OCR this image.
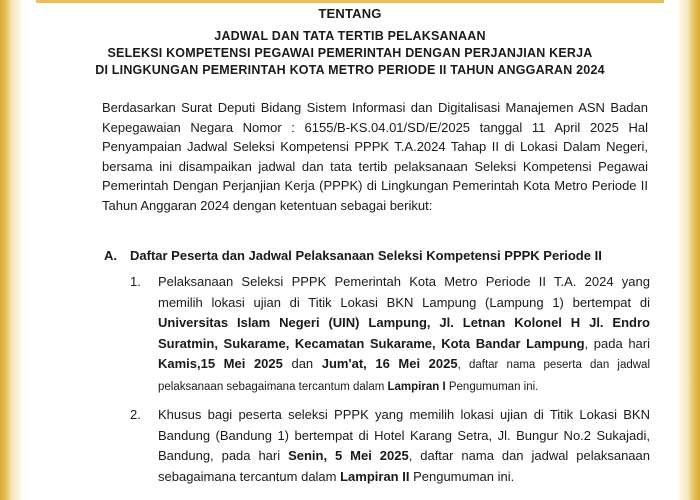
TENTANG

JADWAL DAN TATA TERTIB PELAKSANAAN
SELEKSI KOMPETENSI PEGAWAI PEMERINTAH DENGAN PERJANJIAN KERJA
DI LINGKUNGAN PEMERINTAH KOTA METRO PERIODE II TAHUN ANGGARAN 2024
Berdasarkan Surat Deputi Bidang Sistem Informasi dan Digitalisasi Manajemen ASN Badan Kepegawaian Negara Nomor : 6155/B-KS.04.01/SD/E/2025 tanggal 11 April 2025 Hal Penyampaian Jadwal Seleksi Kompetensi PPPK T.A.2024 Tahap II di Lokasi Dalam Negeri, bersama ini disampaikan jadwal dan tata tertib pelaksanaan Seleksi Kompetensi Pegawai Pemerintah Dengan Perjanjian Kerja (PPPK) di Lingkungan Pemerintah Kota Metro Periode II Tahun Anggaran 2024 dengan ketentuan sebagai berikut:
A. Daftar Peserta dan Jadwal Pelaksanaan Seleksi Kompetensi PPPK Periode II
1. Pelaksanaan Seleksi PPPK Pemerintah Kota Metro Periode II T.A. 2024 yang memilih lokasi ujian di Titik Lokasi BKN Lampung (Lampung 1) bertempat di Universitas Islam Negeri (UIN) Lampung, Jl. Letnan Kolonel H Jl. Endro Suratmin, Sukarame, Kecamatan Sukarame, Kota Bandar Lampung, pada hari Kamis,15 Mei 2025 dan Jum'at, 16 Mei 2025, daftar nama peserta dan jadwal pelaksanaan sebagaimana tercantum dalam Lampiran I Pengumuman ini.

2. Khusus bagi peserta seleksi PPPK yang memilih lokasi ujian di Titik Lokasi BKN Bandung (Bandung 1) bertempat di Hotel Karang Setra, Jl. Bungur No.2 Sukajadi, Bandung, pada hari Senin, 5 Mei 2025, daftar nama dan jadwal pelaksanaan sebagaimana tercantum dalam Lampiran II Pengumuman ini.
